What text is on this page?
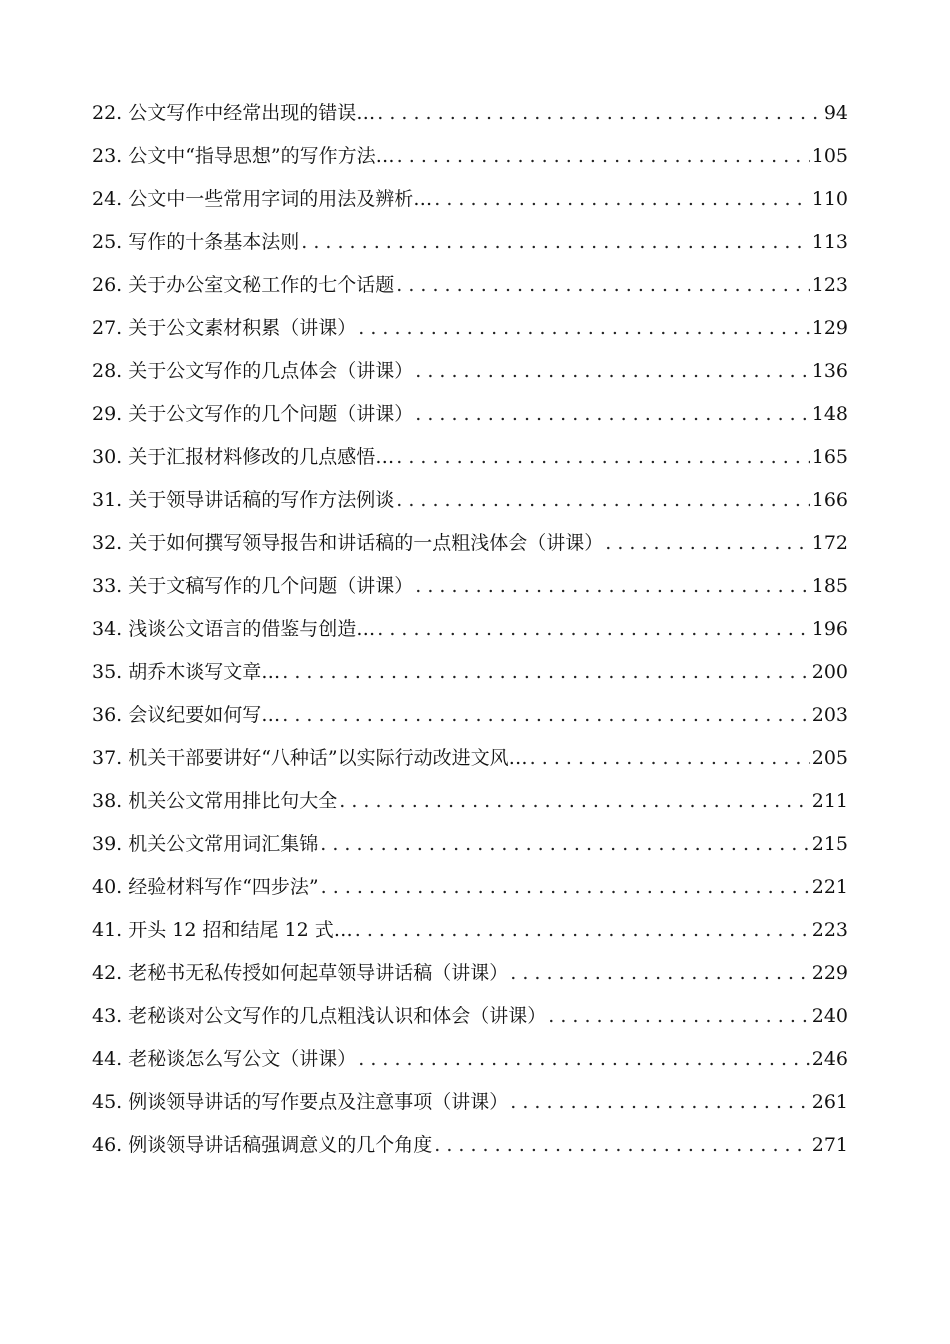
22. 公文写作中经常出现的错误… . . .	94
23. 公文中“指导思想”的写作方法… . . .	105
24. 公文中一些常用字词的用法及辨析… . . .	110
25. 写作的十条基本法则 . . .	113
26. 关于办公室文秘工作的七个话题 . . .	123
27. 关于公文素材积累（讲课） . . .	129
28. 关于公文写作的几点体会（讲课） . . .	136
29. 关于公文写作的几个问题（讲课） . . .	148
30. 关于汇报材料修改的几点感悟… . . .	165
31. 关于领导讲话稿的写作方法例谈 . . .	166
32. 关于如何撰写领导报告和讲话稿的一点粗浅体会（讲课） . . .	172
33. 关于文稿写作的几个问题（讲课） . . .	185
34. 浅谈公文语言的借鉴与创造… . . .	196
35. 胡乔木谈写文章… . . .	200
36. 会议纪要如何写… . . .	203
37. 机关干部要讲好“八种话”以实际行动改进文风… . . .	205
38. 机关公文常用排比句大全 . . .	211
39. 机关公文常用词汇集锦 . . .	215
40. 经验材料写作“四步法” . . .	221
41. 开头 12 招和结尾 12 式… . . .	223
42. 老秘书无私传授如何起草领导讲话稿（讲课） . . .	229
43. 老秘谈对公文写作的几点粗浅认识和体会（讲课） . . .	240
44. 老秘谈怎么写公文（讲课） . . .	246
45. 例谈领导讲话的写作要点及注意事项（讲课） . . .	261
46. 例谈领导讲话稿强调意义的几个角度 . . .	271
